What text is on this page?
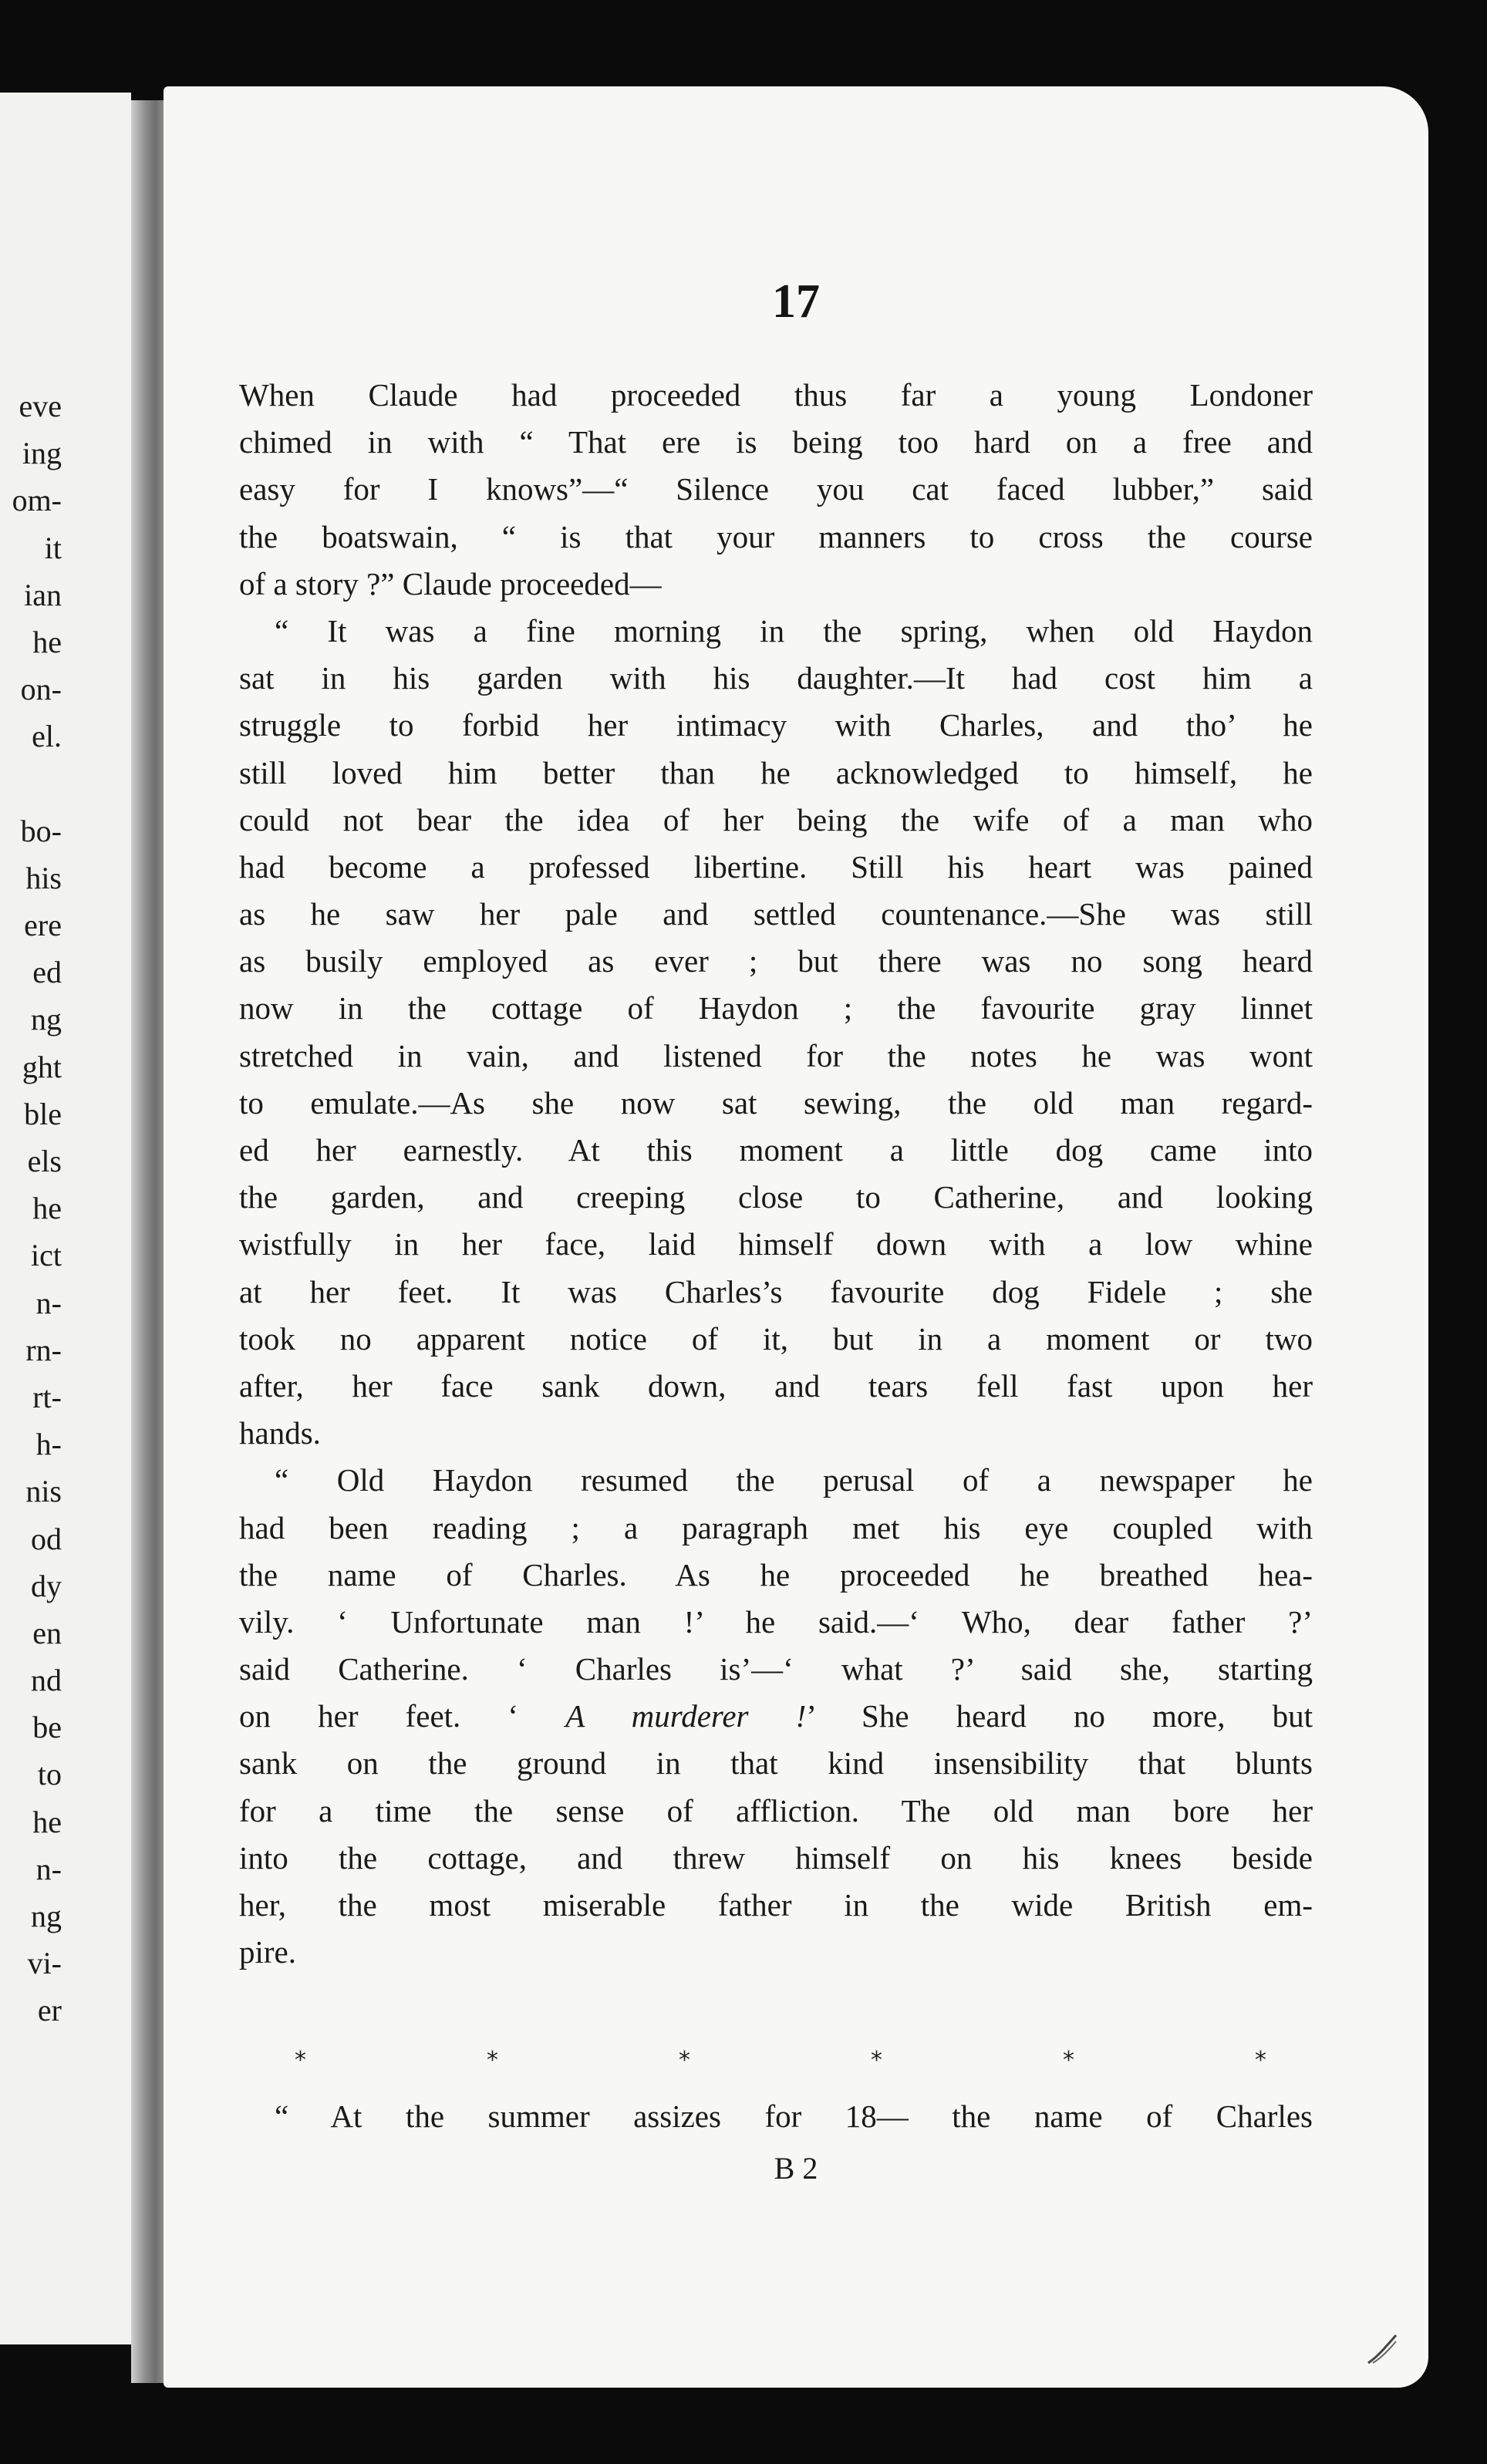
eve
ing
om-
it
ian
he
on-
el.
bo-
his
ere
ed
ng
ght
ble
els
he
ict
n-
rn-
rt-
h-
nis
od
dy
en
nd
be
to
he
n-
ng
vi-
er
17
When Claude had proceeded thus far a young Londoner
chimed in with “ That ere is being too hard on a free and
easy for I knows”—“ Silence you cat faced lubber,” said
the boatswain, “ is that your manners to cross the course
of a story ?” Claude proceeded—
“ It was a fine morning in the spring, when old Haydon
sat in his garden with his daughter.—It had cost him a
struggle to forbid her intimacy with Charles, and tho’ he
still loved him better than he acknowledged to himself, he
could not bear the idea of her being the wife of a man who
had become a professed libertine. Still his heart was pained
as he saw her pale and settled countenance.—She was still
as busily employed as ever ; but there was no song heard
now in the cottage of Haydon ; the favourite gray linnet
stretched in vain, and listened for the notes he was wont
to emulate.—As she now sat sewing, the old man regard-
ed her earnestly. At this moment a little dog came into
the garden, and creeping close to Catherine, and looking
wistfully in her face, laid himself down with a low whine
at her feet. It was Charles’s favourite dog Fidele ; she
took no apparent notice of it, but in a moment or two
after, her face sank down, and tears fell fast upon her
hands.
“ Old Haydon resumed the perusal of a newspaper he
had been reading ; a paragraph met his eye coupled with
the name of Charles. As he proceeded he breathed hea-
vily. ‘ Unfortunate man !’ he said.—‘ Who, dear father ?’
said Catherine. ‘ Charles is’—‘ what ?’ said she, starting
on her feet. ‘ A murderer !’ She heard no more, but
sank on the ground in that kind insensibility that blunts
for a time the sense of affliction. The old man bore her
into the cottage, and threw himself on his knees beside
her, the most miserable father in the wide British em-
pire.
*	*	*	*	*	*
“ At the summer assizes for 18— the name of Charles
B 2
